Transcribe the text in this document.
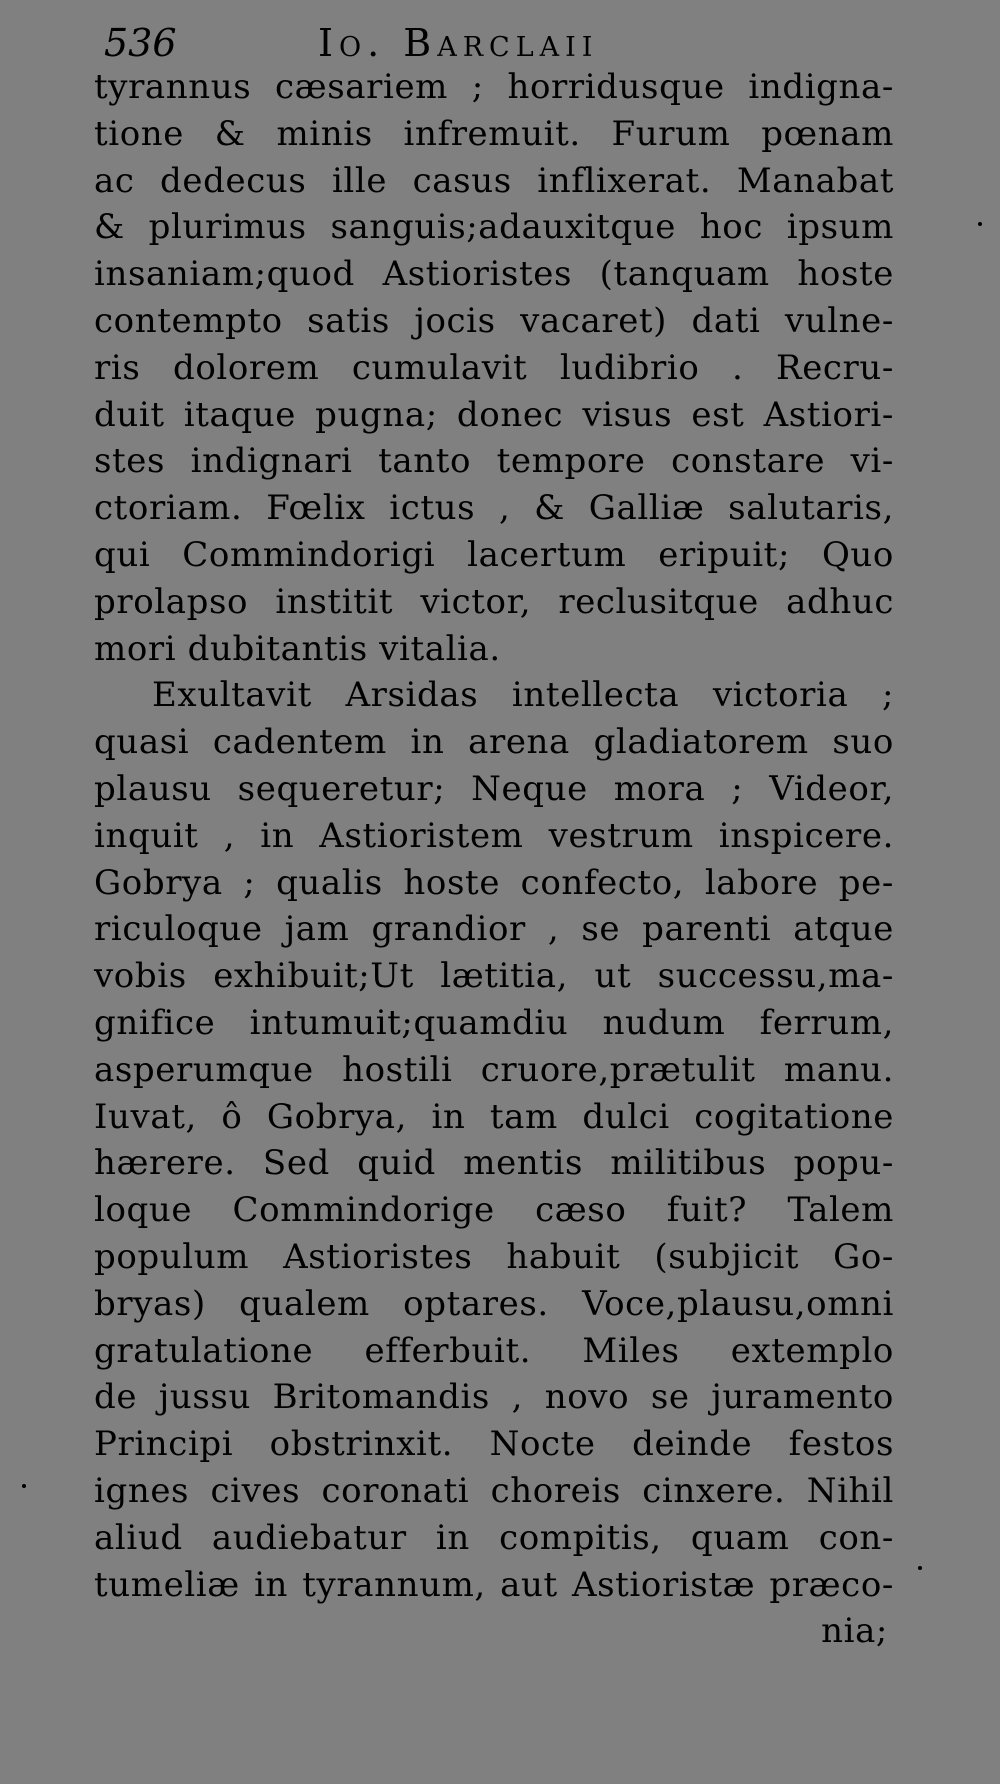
536	Io. Barclaii
tyrannus cæsariem ; horridusque indigna-
tione & minis infremuit. Furum pœnam
ac dedecus ille casus inflixerat. Manabat
& plurimus sanguis;adauxitque hoc ipsum
insaniam;quod Astioristes (tanquam hoste
contempto satis jocis vacaret) dati vulne-
ris dolorem cumulavit ludibrio . Recru-
duit itaque pugna; donec visus est Astiori-
stes indignari tanto tempore constare vi-
ctoriam. Fœlix ictus , & Galliæ salutaris,
qui Commindorigi lacertum eripuit; Quo
prolapso institit victor, reclusitque adhuc
mori dubitantis vitalia.
Exultavit Arsidas intellecta victoria ;
quasi cadentem in arena gladiatorem suo
plausu sequeretur; Neque mora ; Videor,
inquit , in Astioristem vestrum inspicere.
Gobrya ; qualis hoste confecto, labore pe-
riculoque jam grandior , se parenti atque
vobis exhibuit;Ut lætitia, ut successu,ma-
gnifice intumuit;quamdiu nudum ferrum,
asperumque hostili cruore,prætulit manu.
Iuvat, ô Gobrya, in tam dulci cogitatione
hærere. Sed quid mentis militibus popu-
loque Commindorige cæso fuit? Talem
populum Astioristes habuit (subjicit Go-
bryas) qualem optares. Voce,plausu,omni
gratulatione efferbuit. Miles extemplo
de jussu Britomandis , novo se juramento
Principi obstrinxit. Nocte deinde festos
ignes cives coronati choreis cinxere. Nihil
aliud audiebatur in compitis, quam con-
tumeliæ in tyrannum, aut Astioristæ præco-
nia;
